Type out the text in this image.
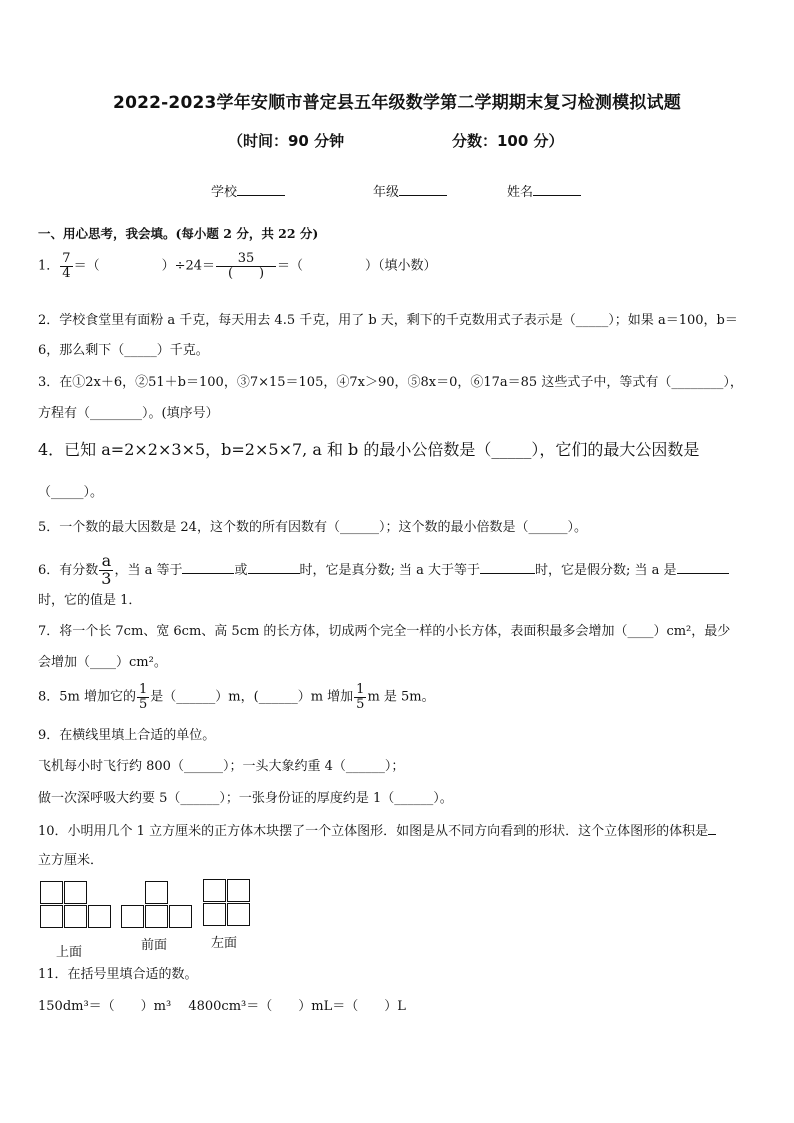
2022-2023学年安顺市普定县五年级数学第二学期期末复习检测模拟试题
（时间：90 分钟	分数：100 分）
学校	年级	姓名
一、用心思考，我会填。(每小题 2 分，共 22 分)
1． $\frac{7}{4}$ ＝（	）$\div 24= \frac{35}{( )}$ ＝（	）（填小数）
2．学校食堂里有面粉 a 千克，每天用去 4.5 千克，用了 b 天，剩下的千克数用式子表示是（_____）；如果 a＝100，b＝
6，那么剩下（_____）千克。
3．在①2x＋6，②51＋b＝100，③7×15＝105，④7x＞90，⑤8x＝0，⑥17a＝85 这些式子中，等式有（________），
方程有（________）。(填序号）
4．已知 a=2×2×3×5，b=2×5×7, a 和 b 的最小公倍数是（_____），它们的最大公因数是
（_____）。
5．一个数的最大因数是 24，这个数的所有因数有（______）；这个数的最小倍数是（______）。
6．有分数 $\frac{a}{3}$ ，当 a 等于	或	时，它是真分数; 当 a 大于等于	时，它是假分数; 当 a 是
时，它的值是 1．
7．将一个长 7cm、宽 6cm、高 5cm 的长方体，切成两个完全一样的小长方体，表面积最多会增加（____）cm²，最少
会增加（____）cm²。
8．5m 增加它的 $\frac{1}{5}$ 是（______）m，(______）m 增加 $\frac{1}{5}$ m 是 5m。
9．在横线里填上合适的单位。
飞机每小时飞行约 800（______）；一头大象约重 4（______）；
做一次深呼吸大约要 5（______）；一张身份证的厚度约是 1（______）。
10．小明用几个 1 立方厘米的正方体木块摆了一个立体图形．如图是从不同方向看到的形状．这个立体图形的体积是
立方厘米．
上面	前面	左面
11．在括号里填合适的数。
150dm³＝（　　）m³　 4800cm³＝（　　）mL＝（　　）L
